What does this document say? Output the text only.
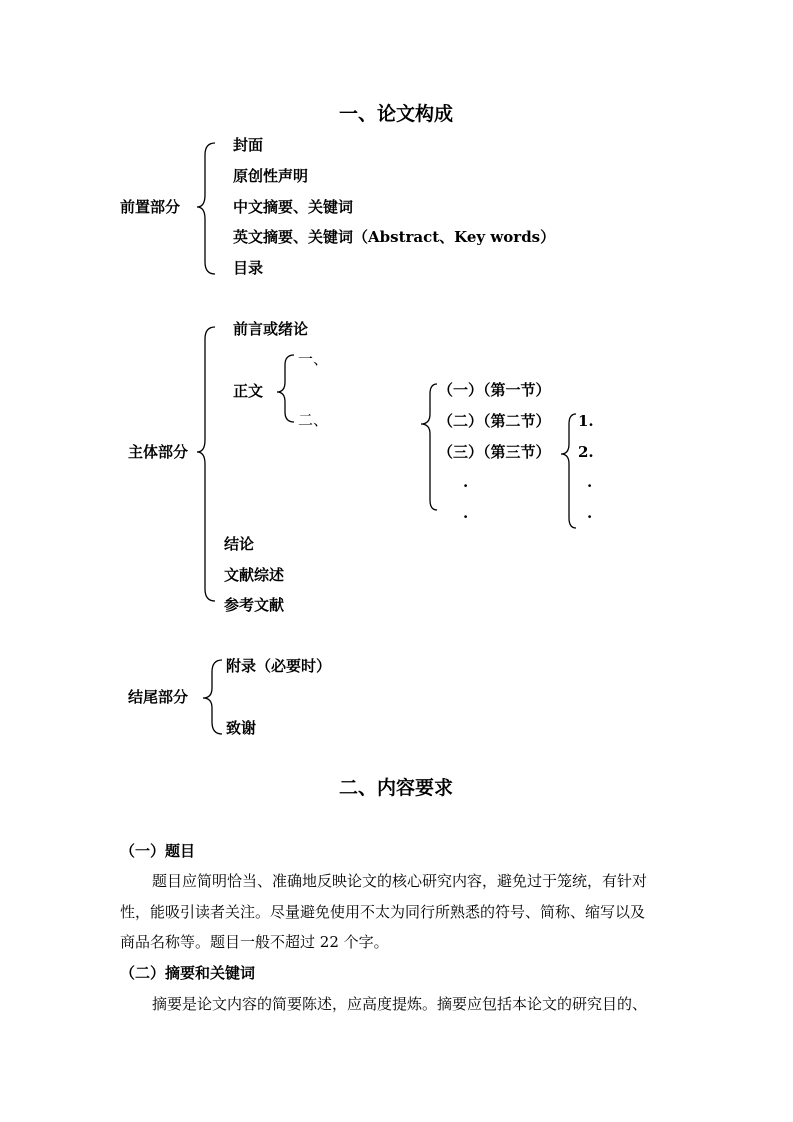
一、论文构成
前置部分
封面
原创性声明
中文摘要、关键词
英文摘要、关键词（Abstract、Key words）
目录
主体部分
前言或绪论
正文
一、
二、
（一）（第一节）
（二）（第二节）
（三）（第三节）
.
.
1.
2.
.
.
结论
文献综述
参考文献
结尾部分
附录（必要时）
致谢
二、内容要求
（一）题目
题目应简明恰当、准确地反映论文的核心研究内容，避免过于笼统，有针对
性，能吸引读者关注。尽量避免使用不太为同行所熟悉的符号、简称、缩写以及
商品名称等。题目一般不超过 22 个字。
（二）摘要和关键词
摘要是论文内容的简要陈述，应高度提炼。摘要应包括本论文的研究目的、
